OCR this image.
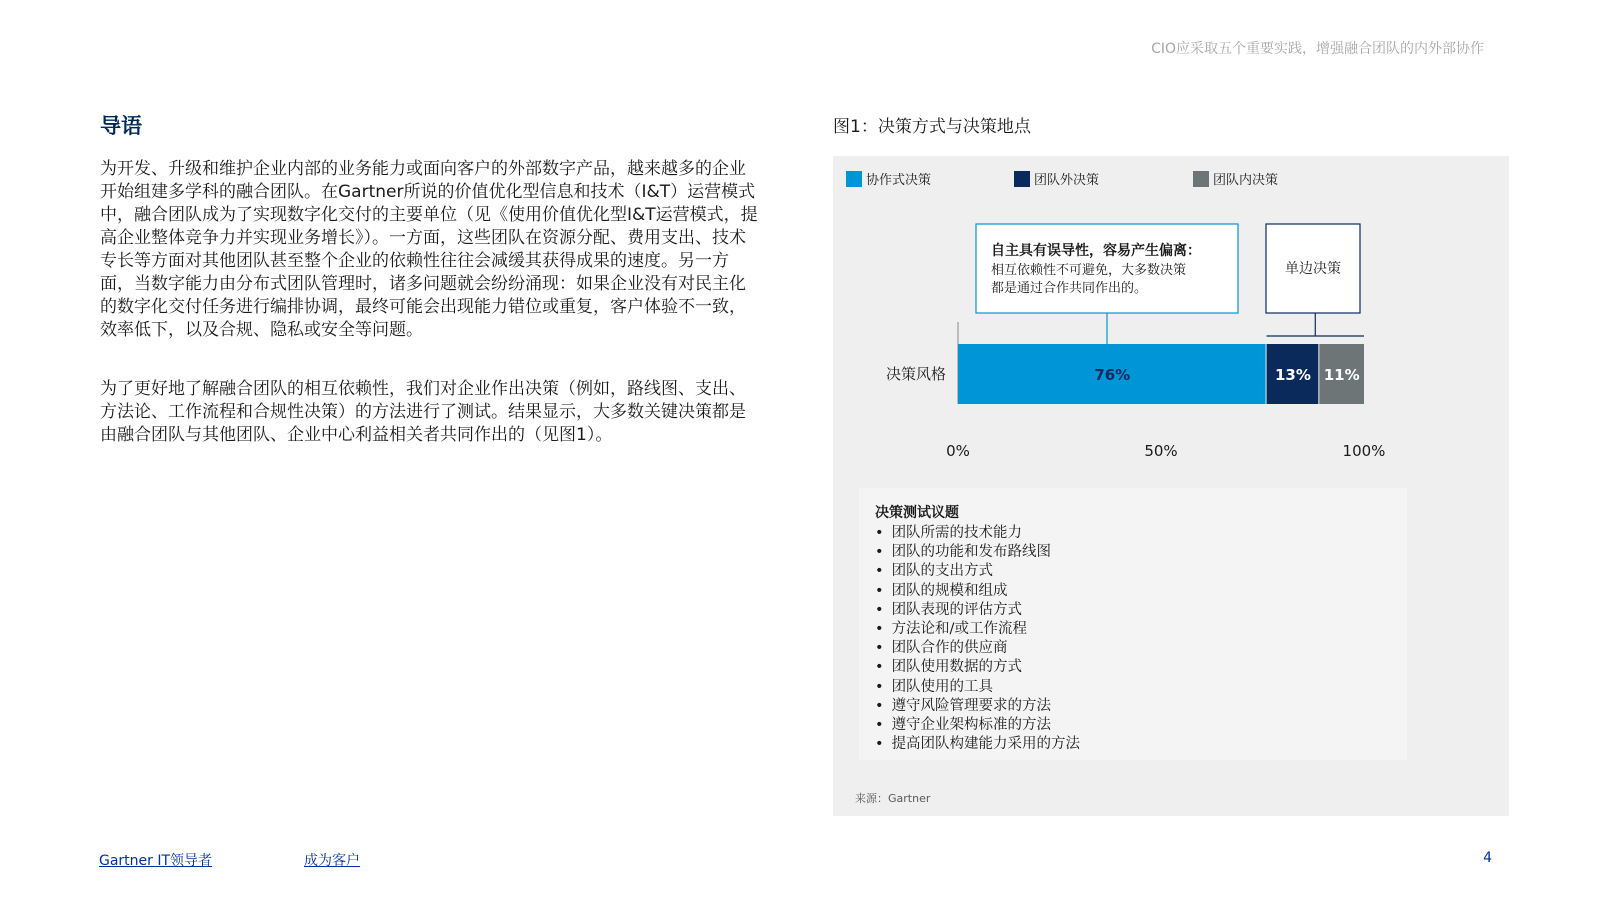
CIO应采取五个重要实践，增强融合团队的内外部协作
导语

为开发、升级和维护企业内部的业务能力或面向客户的外部数字产品，越来越多的企业开始组建多学科的融合团队。在Gartner所说的价值优化型信息和技术（I&T）运营模式中，融合团队成为了实现数字化交付的主要单位（见《使用价值优化型I&T运营模式，提高企业整体竞争力并实现业务增长》）。一方面，这些团队在资源分配、费用支出、技术专长等方面对其他团队甚至整个企业的依赖性往往会减缓其获得成果的速度。另一方面，当数字能力由分布式团队管理时，诸多问题就会纷纷涌现：如果企业没有对民主化的数字化交付任务进行编排协调，最终可能会出现能力错位或重复，客户体验不一致，效率低下，以及合规、隐私或安全等问题。

为了更好地了解融合团队的相互依赖性，我们对企业作出决策（例如，路线图、支出、方法论、工作流程和合规性决策）的方法进行了测试。结果显示，大多数关键决策都是由融合团队与其他团队、企业中心利益相关者共同作出的（见图1）。

图1：决策方式与决策地点
协作式决策	团队外决策	团队内决策
决策风格	76%	13% 11%
0%	50%	100%
自主具有误导性，容易产生偏离：
相互依赖性不可避免，大多数决策
都是通过合作共同作出的。
单边决策
决策测试议题
• 团队所需的技术能力
• 团队的功能和发布路线图
• 团队的支出方式
• 团队的规模和组成
• 团队表现的评估方式
• 方法论和/或工作流程
• 团队合作的供应商
• 团队使用数据的方式
• 团队使用的工具
• 遵守风险管理要求的方法
• 遵守企业架构标准的方法
• 提高团队构建能力采用的方法
来源：Gartner
Gartner IT领导者	成为客户	4
